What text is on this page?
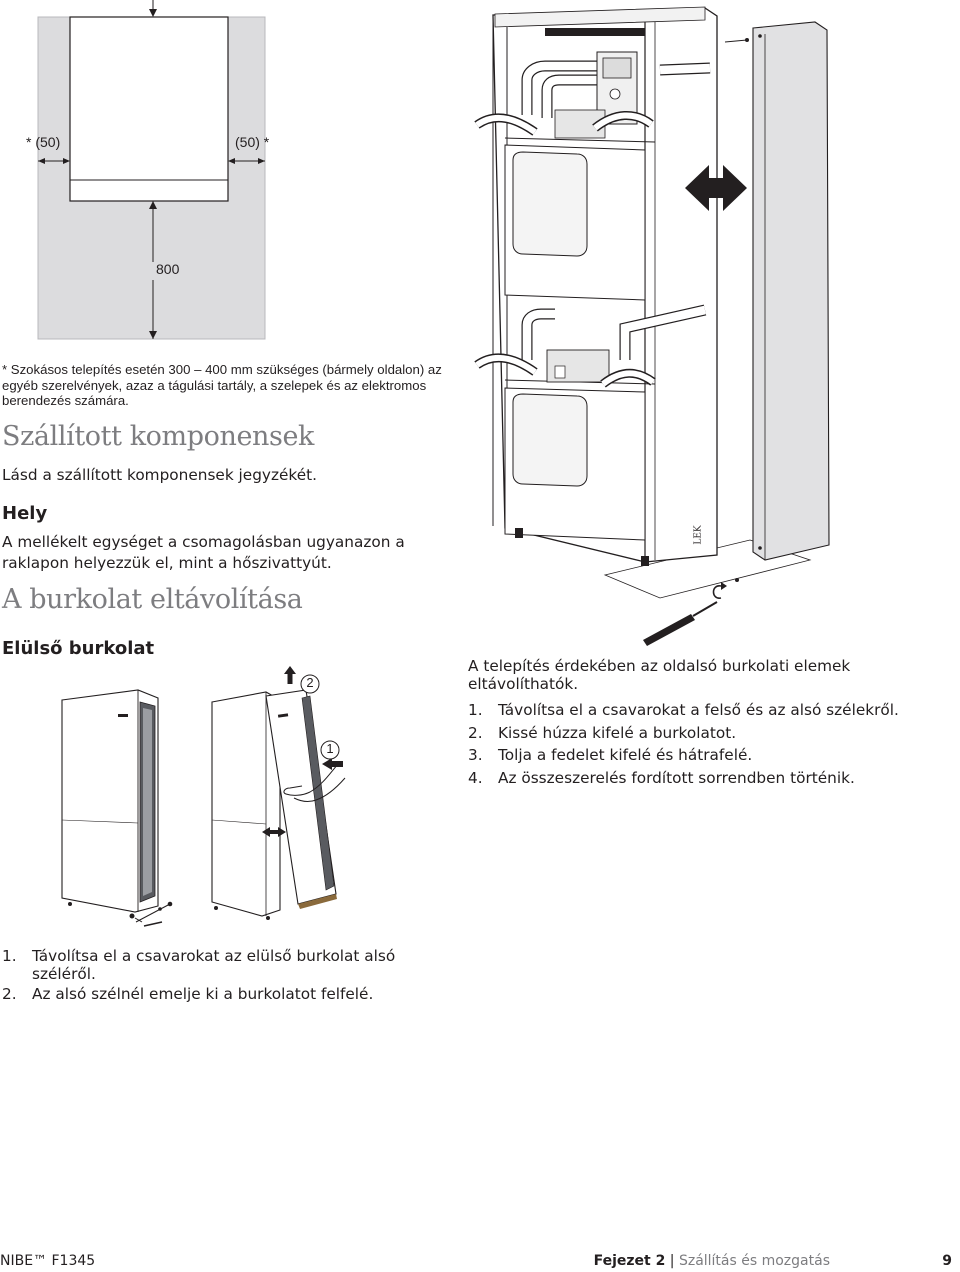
* (50)	(50) *
800
* Szokásos telepítés esetén 300 – 400 mm szükséges (bármely oldalon) az egyéb szerelvények, azaz a tágulási tartály, a szelepek és az elektromos berendezés számára.
Szállított komponensek
Lásd a szállított komponensek jegyzékét.
Hely
A mellékelt egységet a csomagolásban ugyanazon a raklapon helyezzük el, mint a hőszivattyút.
A burkolat eltávolítása
Elülső burkolat
2
1
1.	Távolítsa el a csavarokat az elülső burkolat alsó széléről.
2.	Az alsó szélnél emelje ki a burkolatot felfelé.
LEK
A telepítés érdekében az oldalsó burkolati elemek eltávolíthatók.
1.	Távolítsa el a csavarokat a felső és az alsó szélekről.
2.	Kissé húzza kifelé a burkolatot.
3.	Tolja a fedelet kifelé és hátrafelé.
4.	Az összeszerelés fordított sorrendben történik.
NIBE™ F1345	Fejezet 2 | Szállítás és mozgatás	9
